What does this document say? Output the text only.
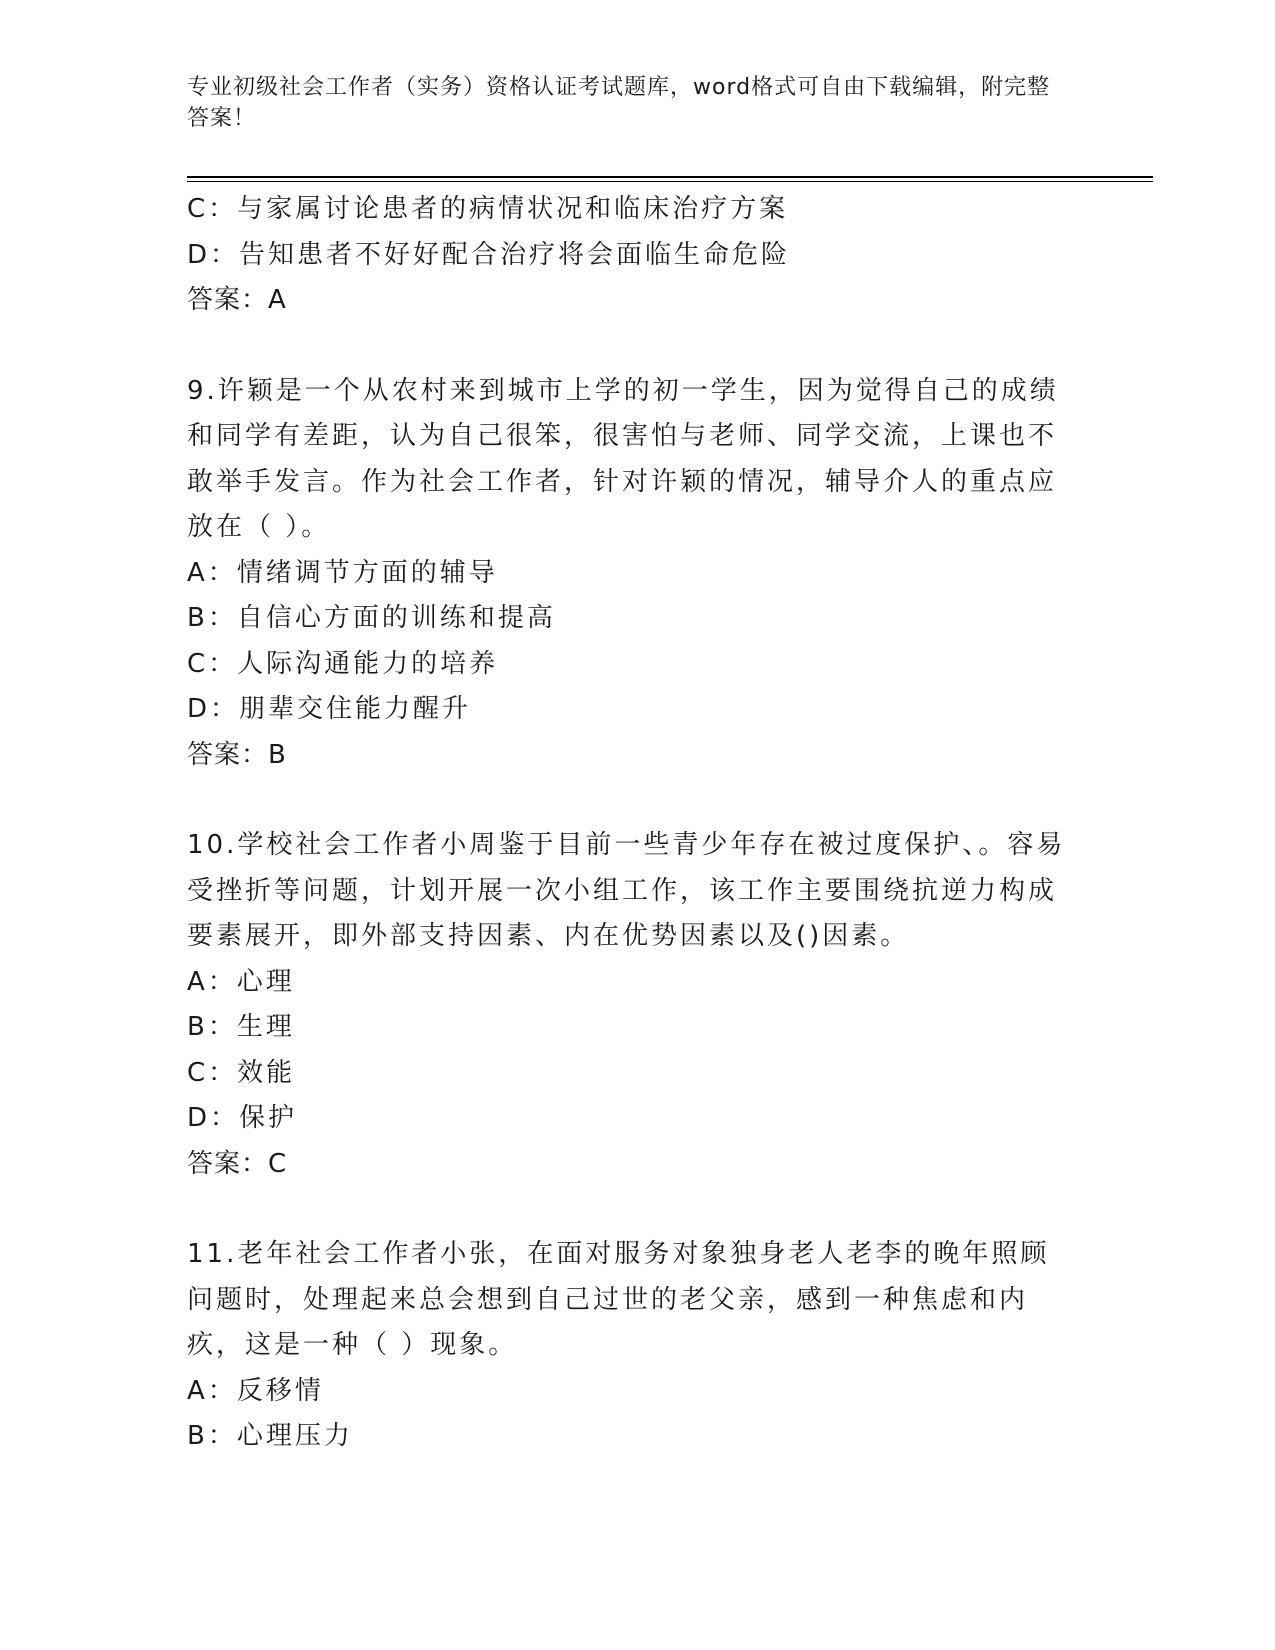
专业初级社会工作者（实务）资格认证考试题库，word格式可自由下载编辑，附完整答案！
C：与家属讨论患者的病情状况和临床治疗方案
D：告知患者不好好配合治疗将会面临生命危险
答案：A
9.许颖是一个从农村来到城市上学的初一学生，因为觉得自己的成绩和同学有差距，认为自己很笨，很害怕与老师、同学交流，上课也不敢举手发言。作为社会工作者，针对许颖的情况，辅导介人的重点应放在（ ）。
A：情绪调节方面的辅导
B：自信心方面的训练和提高
C：人际沟通能力的培养
D：朋辈交住能力醒升
答案：B
10.学校社会工作者小周鉴于目前一些青少年存在被过度保护、。容易受挫折等问题，计划开展一次小组工作，该工作主要围绕抗逆力构成要素展开，即外部支持因素、内在优势因素以及()因素。
A：心理
B：生理
C：效能
D：保护
答案：C
11.老年社会工作者小张，在面对服务对象独身老人老李的晚年照顾问题时，处理起来总会想到自己过世的老父亲，感到一种焦虑和内疚，这是一种（ ）现象。
A：反移情
B：心理压力
